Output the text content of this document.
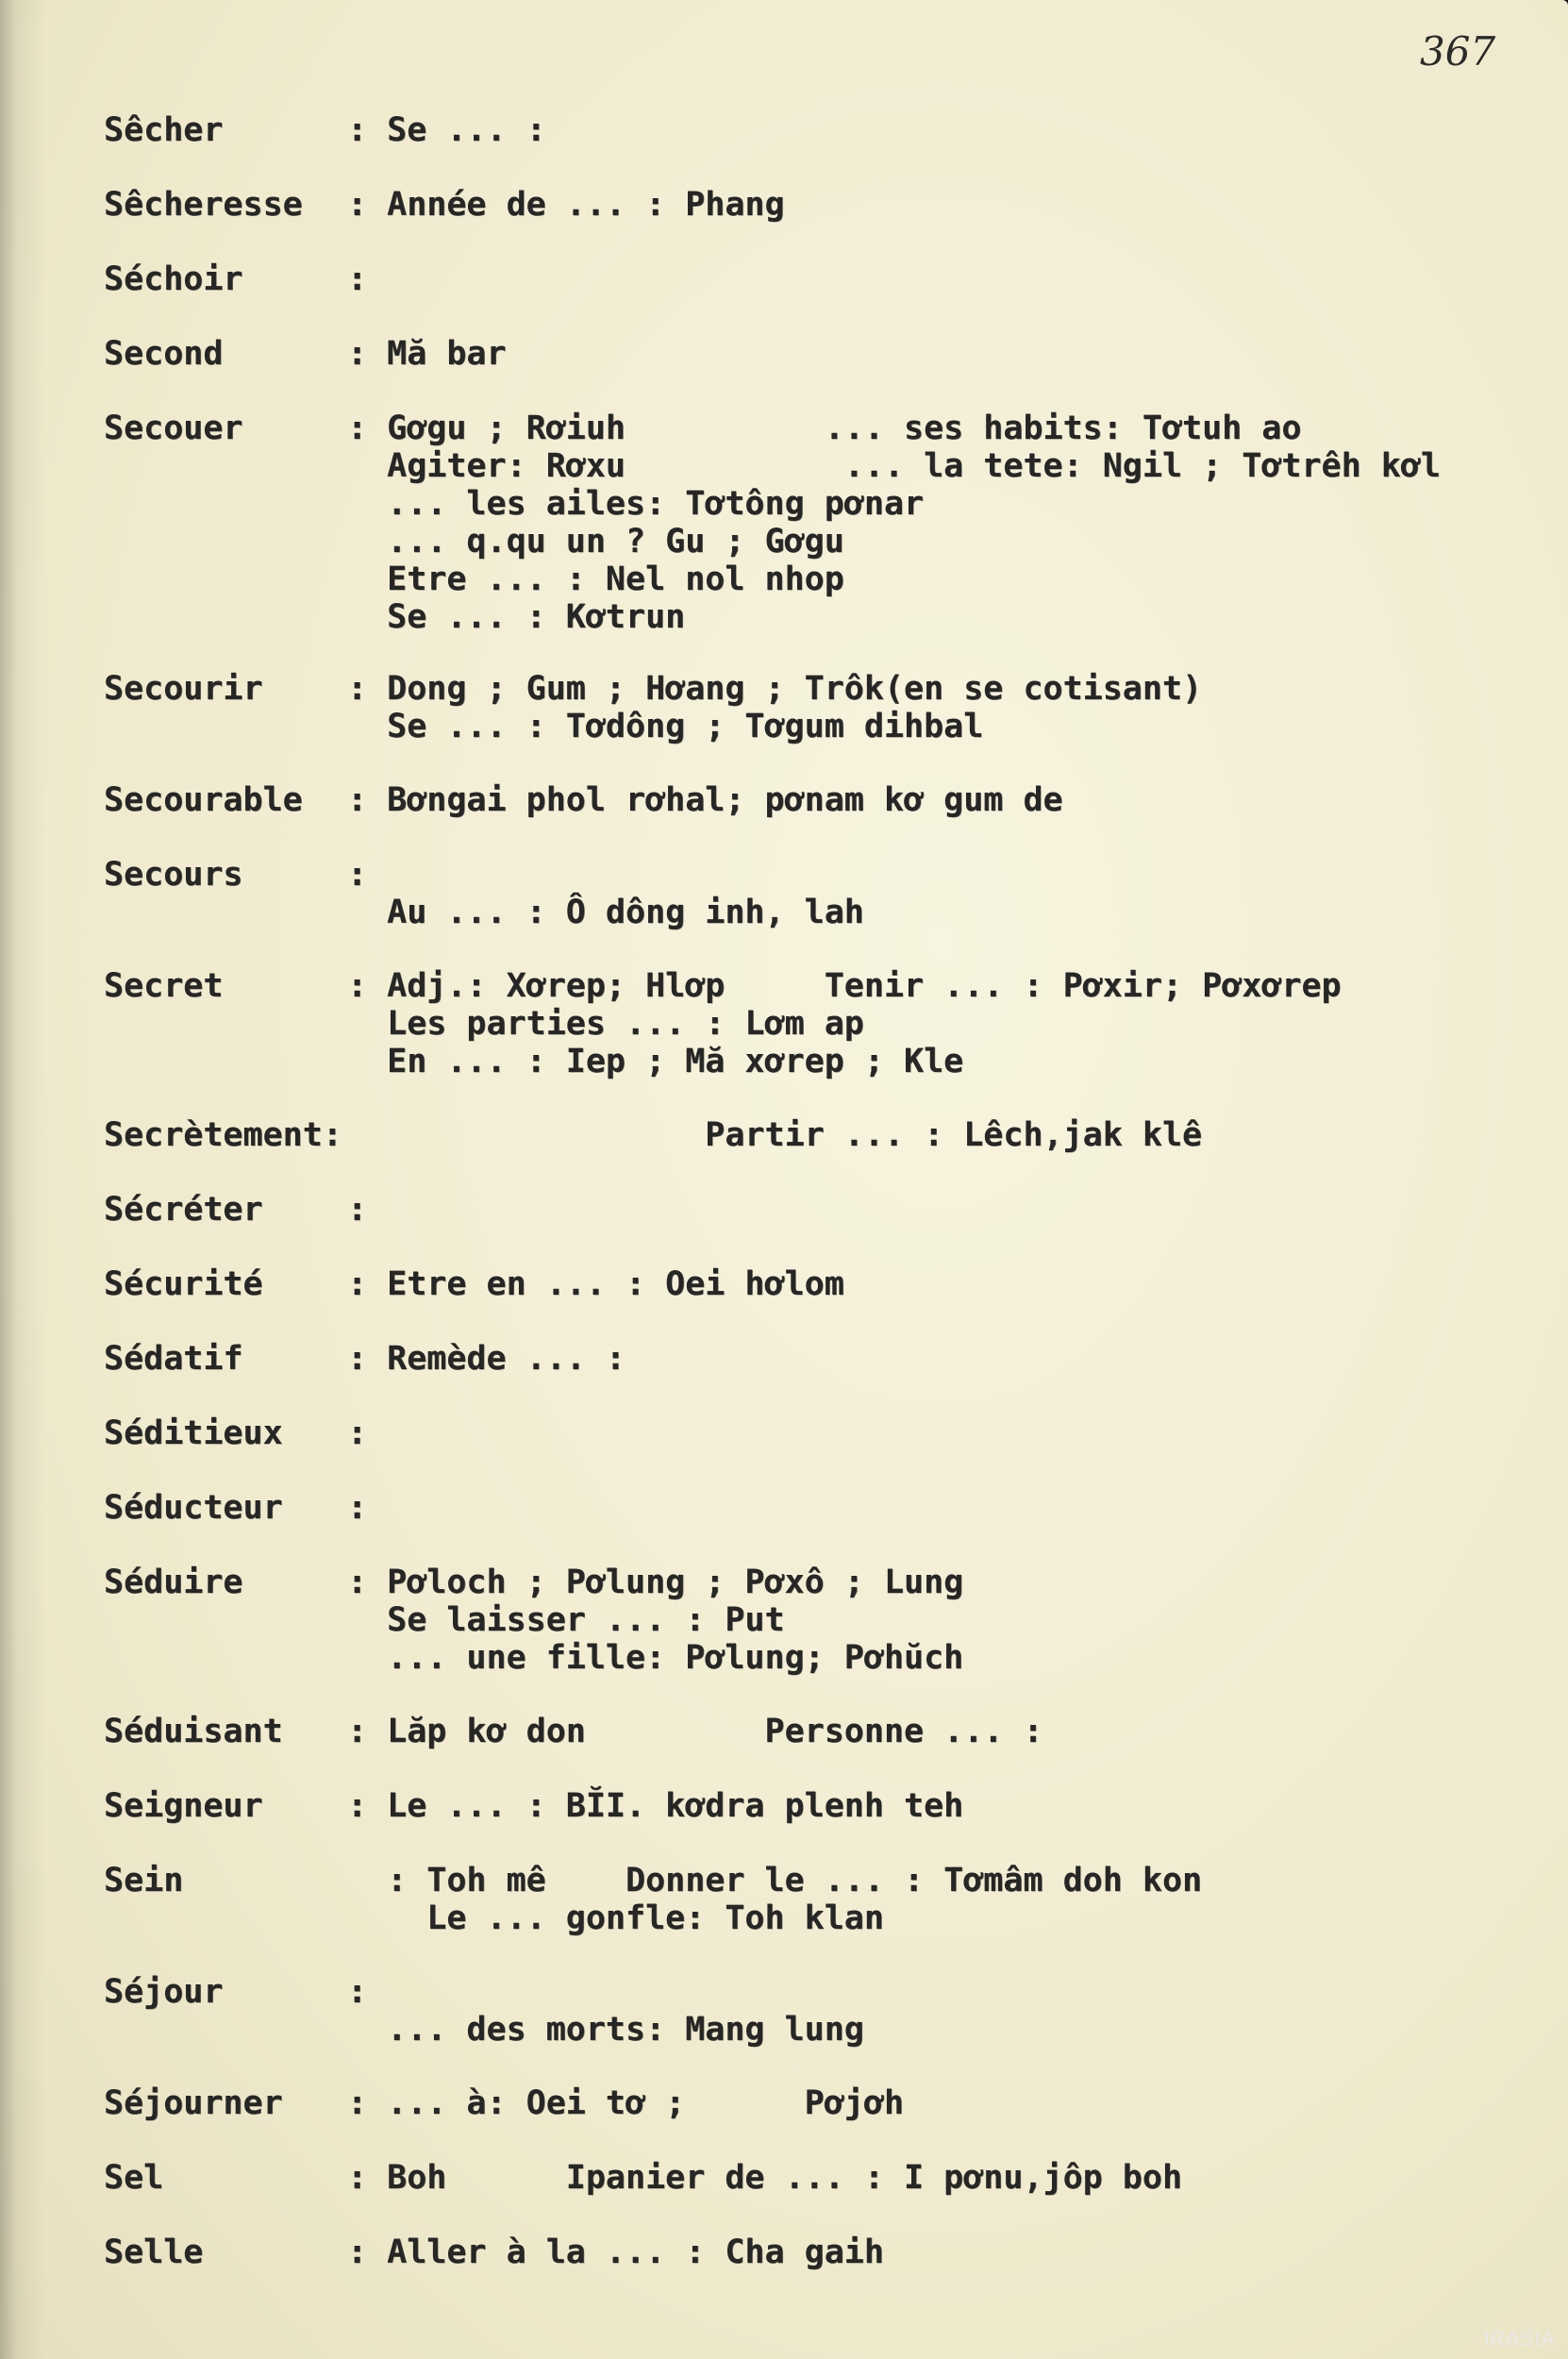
367
Sêcher	: Se ... :
Sêcheresse	: Année de ... : Phang
Séchoir	:
Second	: Mă bar
Secouer	: Gơgu ; Rơiuh          ... ses habits: Tơtuh ao
Agiter: Rơxu           ... la tete: Ngil ; Tơtrêh kơl
... les ailes: Tơtông pơnar
... q.qu un ? Gu ; Gơgu
Etre ... : Nel nol nhop
Se ... : Kơtrun
Secourir	: Dong ; Gum ; Hơang ; Trôk(en se cotisant)
Se ... : Tơdông ; Tơgum dihbal
Secourable	: Bơngai phol rơhal; pơnam kơ gum de
Secours	:
Au ... : Ô dông inh, lah
Secret	: Adj.: Xơrep; Hlơp     Tenir ... : Pơxir; Pơxơrep
Les parties ... : Lơm ap
En ... : Iep ; Mă xơrep ; Kle
Secrètement: Partir ... : Lêch,jak klê
Sécréter	:
Sécurité	: Etre en ... : Oei hơlom
Sédatif	: Remède ... :
Séditieux	:
Séducteur	:
Séduire	: Pơloch ; Pơlung ; Pơxô ; Lung
Se laisser ... : Put
... une fille: Pơlung; Pơhŭch
Séduisant	: Lăp kơ don         Personne ... :
Seigneur	: Le ... : BĬI. kơdra plenh teh
Sein	: Toh mê    Donner le ... : Tơmâm doh kon
Le ... gonfle: Toh klan
Séjour	:
... des morts: Mang lung
Séjourner	: ... à: Oei tơ ;      Pơjơh
Sel	: Boh      Ipanier de ... : I pơnu,jôp boh
Selle	: Aller à la ... : Cha gaih
IRASIA
